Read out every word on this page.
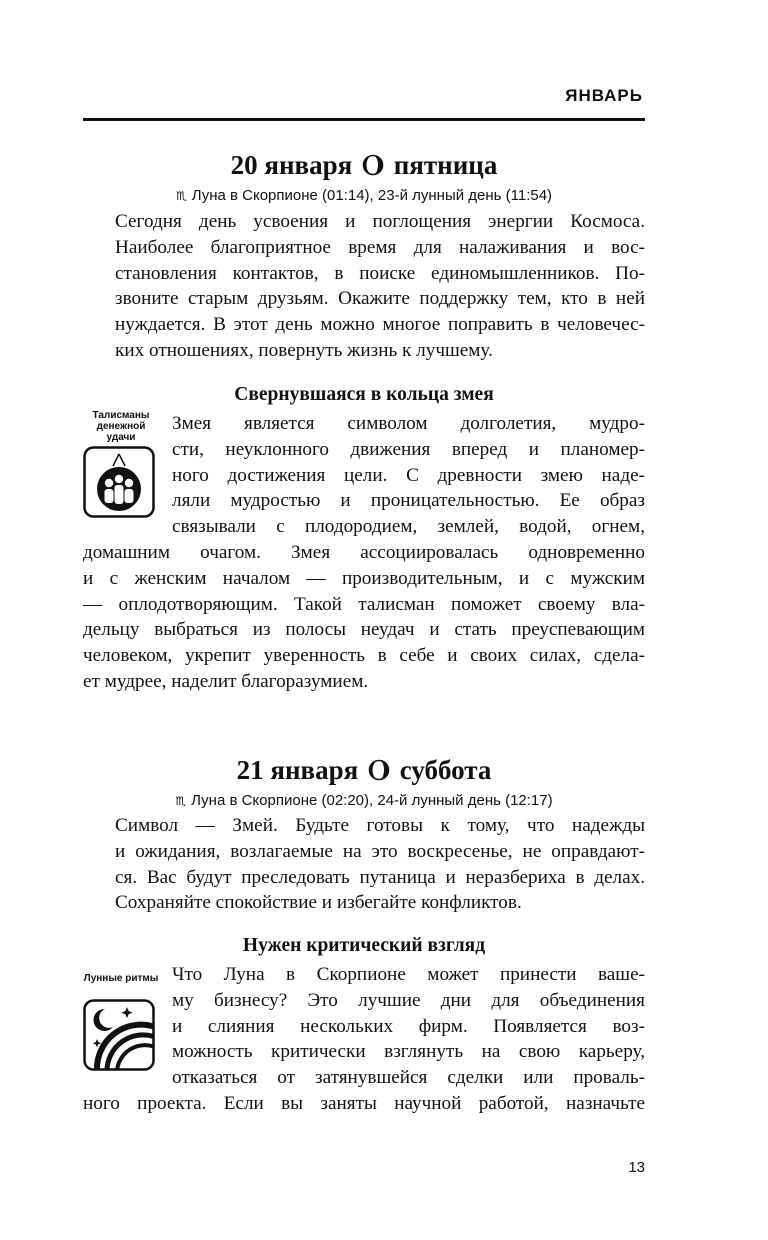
ЯНВАРЬ
20 января пятница
♏︎ Луна в Скорпионе (01:14), 23-й лунный день (11:54)
Сегодня день усвоения и поглощения энергии Космоса.
Наиболее благоприятное время для налаживания и вос-
становления контактов, в поиске единомышленников. По-
звоните старым друзьям. Окажите поддержку тем, кто в ней
нуждается. В этот день можно многое поправить в человечес-
ких отношениях, повернуть жизнь к лучшему.
Свернувшаяся в кольца змея
Талисманы денежной удачи
Змея является символом долголетия, мудро-
сти, неуклонного движения вперед и планомер-
ного достижения цели. С древности змею наде-
ляли мудростью и проницательностью. Ее образ
связывали с плодородием, землей, водой, огнем,
домашним очагом. Змея ассоциировалась одновременно
и с женским началом — производительным, и с мужским
— оплодотворяющим. Такой талисман поможет своему вла-
дельцу выбраться из полосы неудач и стать преуспевающим
человеком, укрепит уверенность в себе и своих силах, сдела-
ет мудрее, наделит благоразумием.
21 января суббота
♏︎ Луна в Скорпионе (02:20), 24-й лунный день (12:17)
Символ — Змей. Будьте готовы к тому, что надежды
и ожидания, возлагаемые на это воскресенье, не оправдают-
ся. Вас будут преследовать путаница и неразбериха в делах.
Сохраняйте спокойствие и избегайте конфликтов.
Нужен критический взгляд
Лунные ритмы Что Луна в Скорпионе может принести ваше-
му бизнесу? Это лучшие дни для объединения
и слияния нескольких фирм. Появляется воз-
можность критически взглянуть на свою карьеру,
отказаться от затянувшейся сделки или проваль-
ного проекта. Если вы заняты научной работой, назначьте
13
